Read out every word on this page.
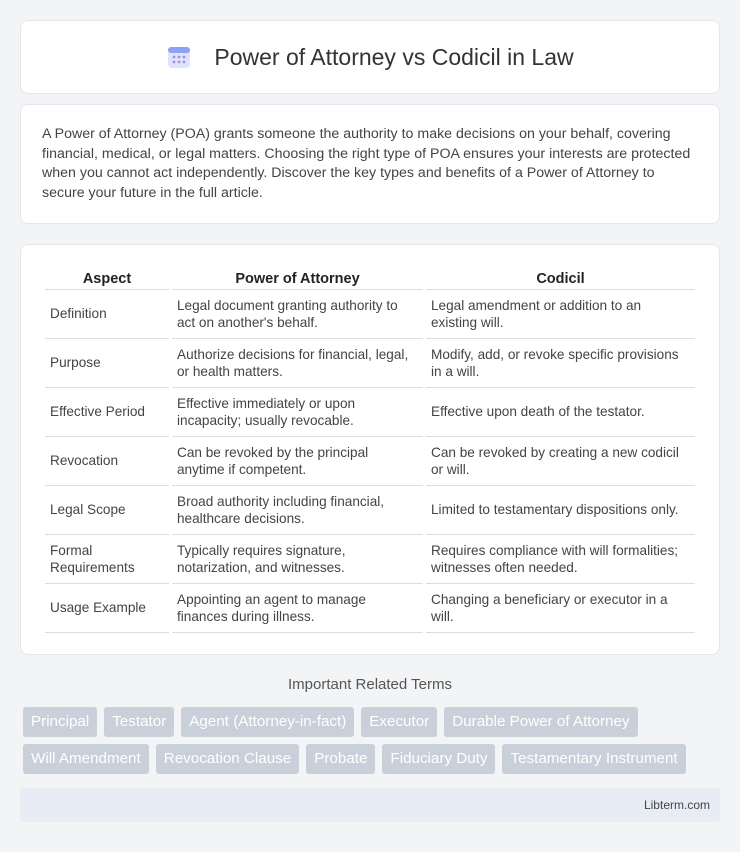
Power of Attorney vs Codicil in Law

A Power of Attorney (POA) grants someone the authority to make decisions on your behalf, covering financial, medical, or legal matters. Choosing the right type of POA ensures your interests are protected when you cannot act independently. Discover the key types and benefits of a Power of Attorney to secure your future in the full article.

Aspect	Power of Attorney	Codicil
Definition	Legal document granting authority to act on another's behalf.	Legal amendment or addition to an existing will.
Purpose	Authorize decisions for financial, legal, or health matters.	Modify, add, or revoke specific provisions in a will.
Effective Period	Effective immediately or upon incapacity; usually revocable.	Effective upon death of the testator.
Revocation	Can be revoked by the principal anytime if competent.	Can be revoked by creating a new codicil or will.
Legal Scope	Broad authority including financial, healthcare decisions.	Limited to testamentary dispositions only.
Formal Requirements	Typically requires signature, notarization, and witnesses.	Requires compliance with will formalities; witnesses often needed.
Usage Example	Appointing an agent to manage finances during illness.	Changing a beneficiary or executor in a will.
Important Related Terms
Principal	Testator	Agent (Attorney-in-fact)	Executor	Durable Power of Attorney
Will Amendment	Revocation Clause	Probate	Fiduciary Duty	Testamentary Instrument
Libterm.com
